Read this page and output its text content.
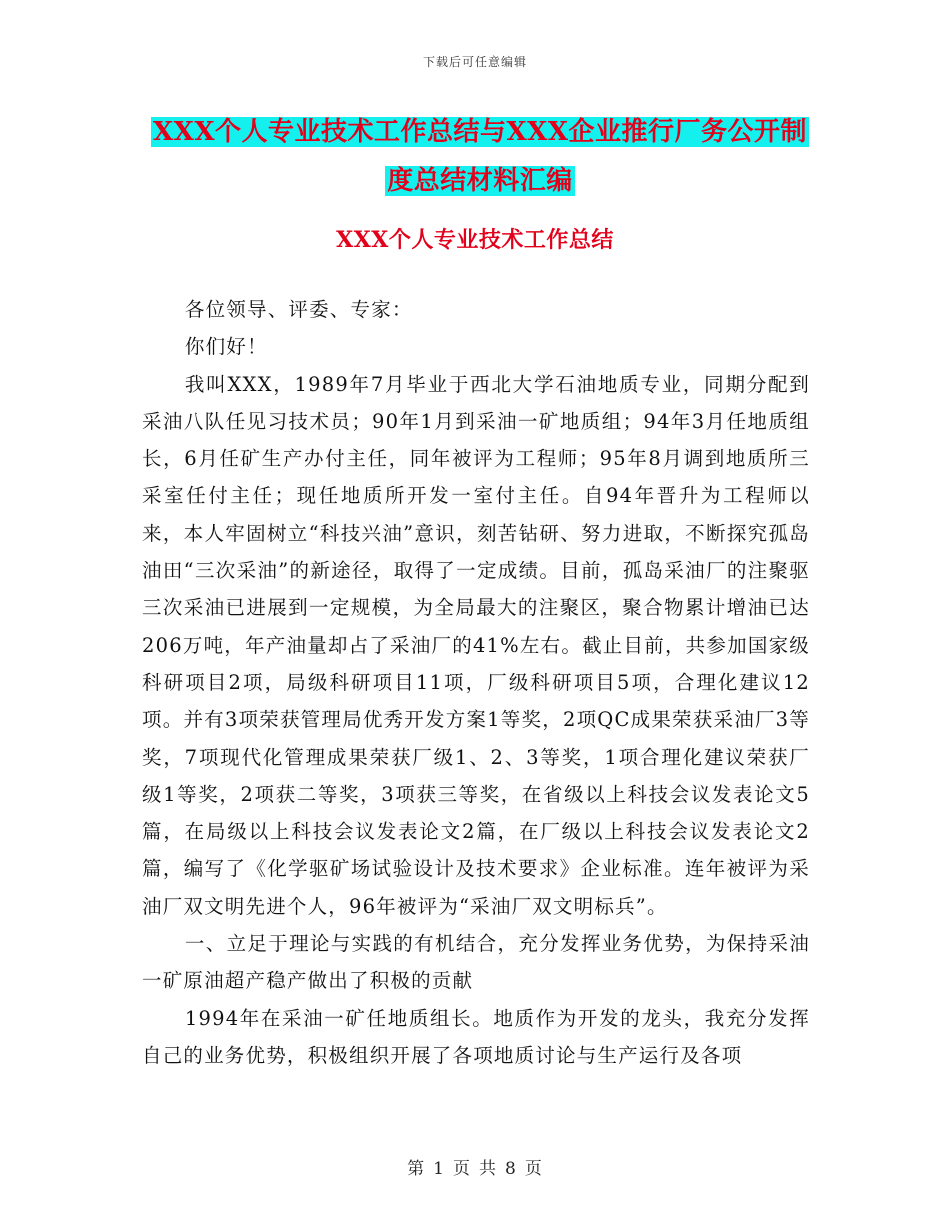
下载后可任意编辑
XXX个人专业技术工作总结与XXX企业推行厂务公开制
度总结材料汇编
XXX个人专业技术工作总结

各位领导、评委、专家：

你们好！

我叫XXX，1989年7月毕业于西北大学石油地质专业，同期分配到采油八队任见习技术员；90年1月到采油一矿地质组；94年3月任地质组长，6月任矿生产办付主任，同年被评为工程师；95年8月调到地质所三采室任付主任；现任地质所开发一室付主任。自94年晋升为工程师以来，本人牢固树立“科技兴油”意识，刻苦钻研、努力进取，不断探究孤岛油田“三次采油”的新途径，取得了一定成绩。目前，孤岛采油厂的注聚驱三次采油已进展到一定规模，为全局最大的注聚区，聚合物累计增油已达206万吨，年产油量却占了采油厂的41%左右。截止目前，共参加国家级科研项目2项，局级科研项目11项，厂级科研项目5项，合理化建议12项。并有3项荣获管理局优秀开发方案1等奖，2项QC成果荣获采油厂3等奖，7项现代化管理成果荣获厂级1、2、3等奖，1项合理化建议荣获厂级1等奖，2项获二等奖，3项获三等奖，在省级以上科技会议发表论文5篇，在局级以上科技会议发表论文2篇，在厂级以上科技会议发表论文2篇，编写了《化学驱矿场试验设计及技术要求》企业标准。连年被评为采油厂双文明先进个人，96年被评为“采油厂双文明标兵”。

一、立足于理论与实践的有机结合，充分发挥业务优势，为保持采油一矿原油超产稳产做出了积极的贡献

1994年在采油一矿任地质组长。地质作为开发的龙头，我充分发挥自己的业务优势，积极组织开展了各项地质讨论与生产运行及各项

第 1 页 共 8 页
